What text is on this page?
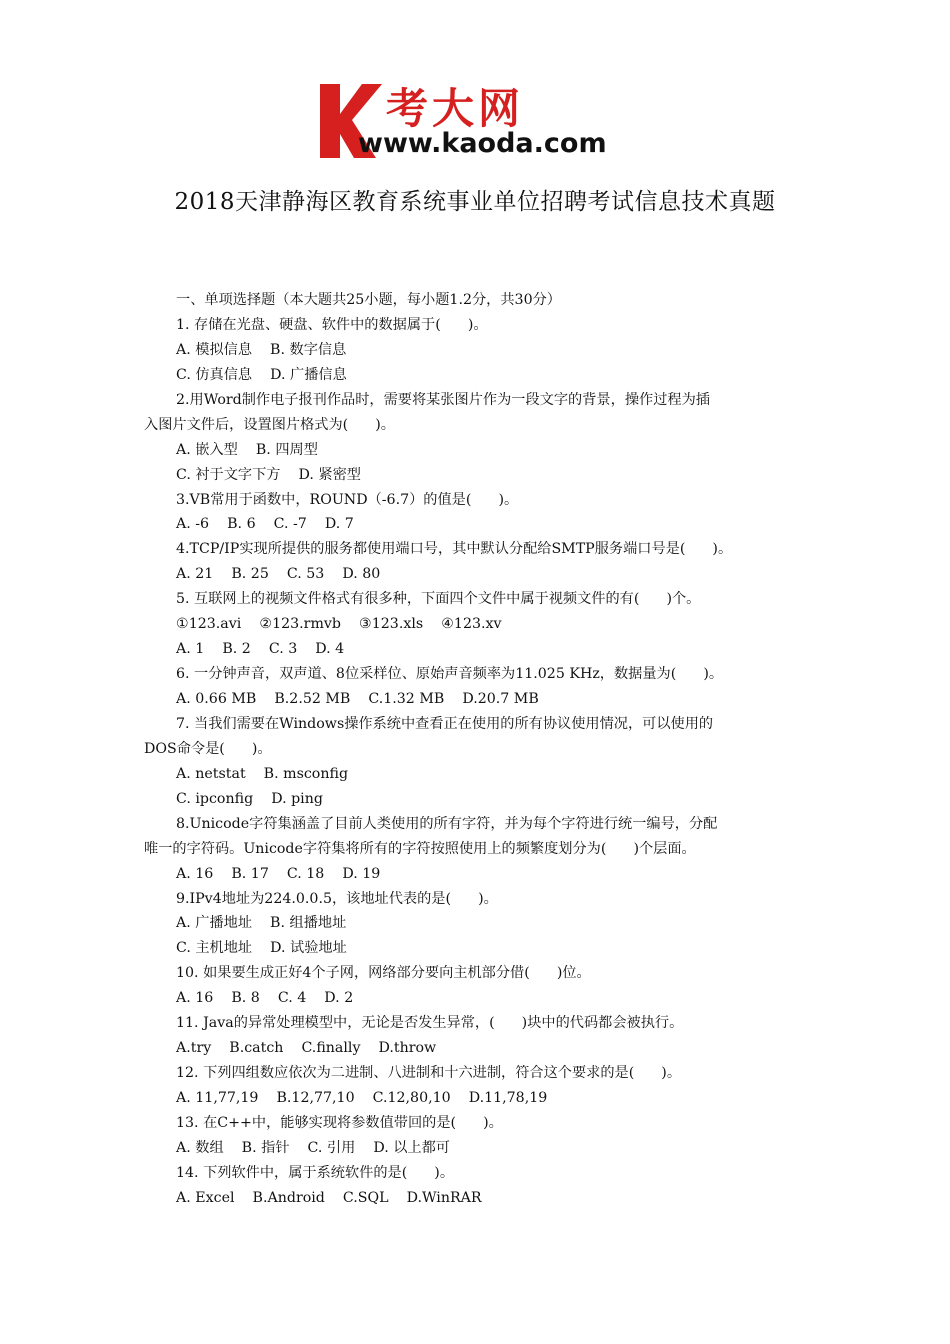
考大网
www.kaoda.com
2018天津静海区教育系统事业单位招聘考试信息技术真题
一、单项选择题（本大题共25小题，每小题1.2分，共30分）
1. 存储在光盘、硬盘、软件中的数据属于(      )。
A. 模拟信息    B. 数字信息
C. 仿真信息    D. 广播信息
2.用Word制作电子报刊作品时，需要将某张图片作为一段文字的背景，操作过程为插
入图片文件后，设置图片格式为(      )。
A. 嵌入型    B. 四周型
C. 衬于文字下方    D. 紧密型
3.VB常用于函数中，ROUND（-6.7）的值是(      )。
A. -6    B. 6    C. -7    D. 7
4.TCP/IP实现所提供的服务都使用端口号，其中默认分配给SMTP服务端口号是(      )。
A. 21    B. 25    C. 53    D. 80
5. 互联网上的视频文件格式有很多种，下面四个文件中属于视频文件的有(      )个。
①123.avi    ②123.rmvb    ③123.xls    ④123.xv
A. 1    B. 2    C. 3    D. 4
6. 一分钟声音，双声道、8位采样位、原始声音频率为11.025 KHz，数据量为(      )。
A. 0.66 MB    B.2.52 MB    C.1.32 MB    D.20.7 MB
7. 当我们需要在Windows操作系统中查看正在使用的所有协议使用情况，可以使用的
DOS命令是(      )。
A. netstat    B. msconfig
C. ipconfig    D. ping
8.Unicode字符集涵盖了目前人类使用的所有字符，并为每个字符进行统一编号，分配
唯一的字符码。Unicode字符集将所有的字符按照使用上的频繁度划分为(      )个层面。
A. 16    B. 17    C. 18    D. 19
9.IPv4地址为224.0.0.5，该地址代表的是(      )。
A. 广播地址    B. 组播地址
C. 主机地址    D. 试验地址
10. 如果要生成正好4个子网，网络部分要向主机部分借(      )位。
A. 16    B. 8    C. 4    D. 2
11. Java的异常处理模型中，无论是否发生异常，(      )块中的代码都会被执行。
A.try    B.catch    C.finally    D.throw
12. 下列四组数应依次为二进制、八进制和十六进制，符合这个要求的是(      )。
A. 11,77,19    B.12,77,10    C.12,80,10    D.11,78,19
13. 在C++中，能够实现将参数值带回的是(      )。
A. 数组    B. 指针    C. 引用    D. 以上都可
14. 下列软件中，属于系统软件的是(      )。
A. Excel    B.Android    C.SQL    D.WinRAR
